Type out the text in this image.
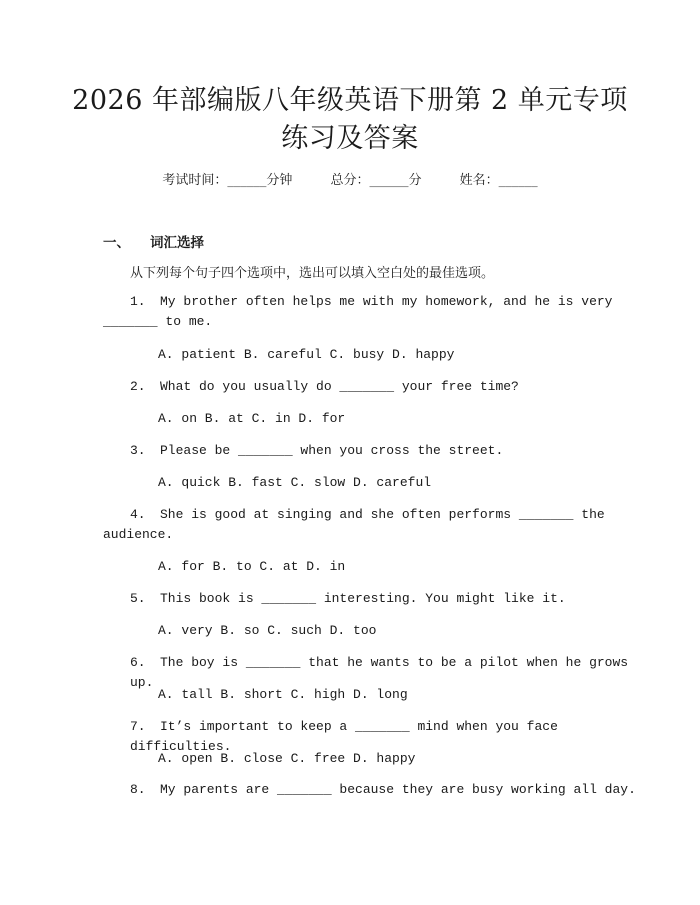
2026 年部编版八年级英语下册第 2 单元专项
练习及答案
考试时间：______分钟	总分：______分	姓名：______
一、 词汇选择
从下列每个句子四个选项中，选出可以填入空白处的最佳选项。
1. My brother often helps me with my homework, and he is very
_______ to me.
A. patient B. careful C. busy D. happy
2. What do you usually do _______ your free time?
A. on B. at C. in D. for
3. Please be _______ when you cross the street.
A. quick B. fast C. slow D. careful
4. She is good at singing and she often performs _______ the
audience.
A. for B. to C. at D. in
5. This book is _______ interesting. You might like it.
A. very B. so C. such D. too
6. The boy is _______ that he wants to be a pilot when he grows up.
A. tall B. short C. high D. long
7. It’s important to keep a _______ mind when you face difficulties.
A. open B. close C. free D. happy
8. My parents are _______ because they are busy working all day.
